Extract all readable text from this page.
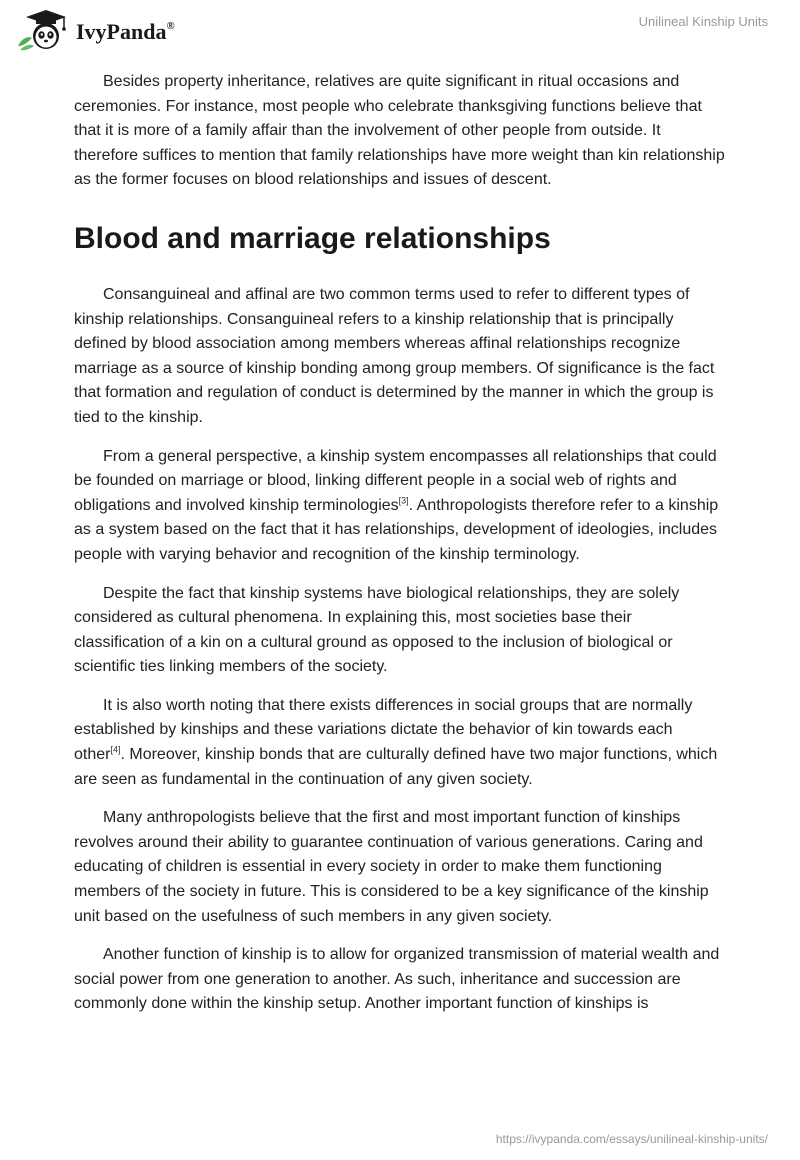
IvyPanda®	Unilineal Kinship Units

Besides property inheritance, relatives are quite significant in ritual occasions and ceremonies. For instance, most people who celebrate thanksgiving functions believe that that it is more of a family affair than the involvement of other people from outside. It therefore suffices to mention that family relationships have more weight than kin relationship as the former focuses on blood relationships and issues of descent.

Blood and marriage relationships

Consanguineal and affinal are two common terms used to refer to different types of kinship relationships. Consanguineal refers to a kinship relationship that is principally defined by blood association among members whereas affinal relationships recognize marriage as a source of kinship bonding among group members. Of significance is the fact that formation and regulation of conduct is determined by the manner in which the group is tied to the kinship.

From a general perspective, a kinship system encompasses all relationships that could be founded on marriage or blood, linking different people in a social web of rights and obligations and involved kinship terminologies[3]. Anthropologists therefore refer to a kinship as a system based on the fact that it has relationships, development of ideologies, includes people with varying behavior and recognition of the kinship terminology.

Despite the fact that kinship systems have biological relationships, they are solely considered as cultural phenomena. In explaining this, most societies base their classification of a kin on a cultural ground as opposed to the inclusion of biological or scientific ties linking members of the society.

It is also worth noting that there exists differences in social groups that are normally established by kinships and these variations dictate the behavior of kin towards each other[4]. Moreover, kinship bonds that are culturally defined have two major functions, which are seen as fundamental in the continuation of any given society.

Many anthropologists believe that the first and most important function of kinships revolves around their ability to guarantee continuation of various generations. Caring and educating of children is essential in every society in order to make them functioning members of the society in future. This is considered to be a key significance of the kinship unit based on the usefulness of such members in any given society.

Another function of kinship is to allow for organized transmission of material wealth and social power from one generation to another. As such, inheritance and succession are commonly done within the kinship setup. Another important function of kinships is

https://ivypanda.com/essays/unilineal-kinship-units/
